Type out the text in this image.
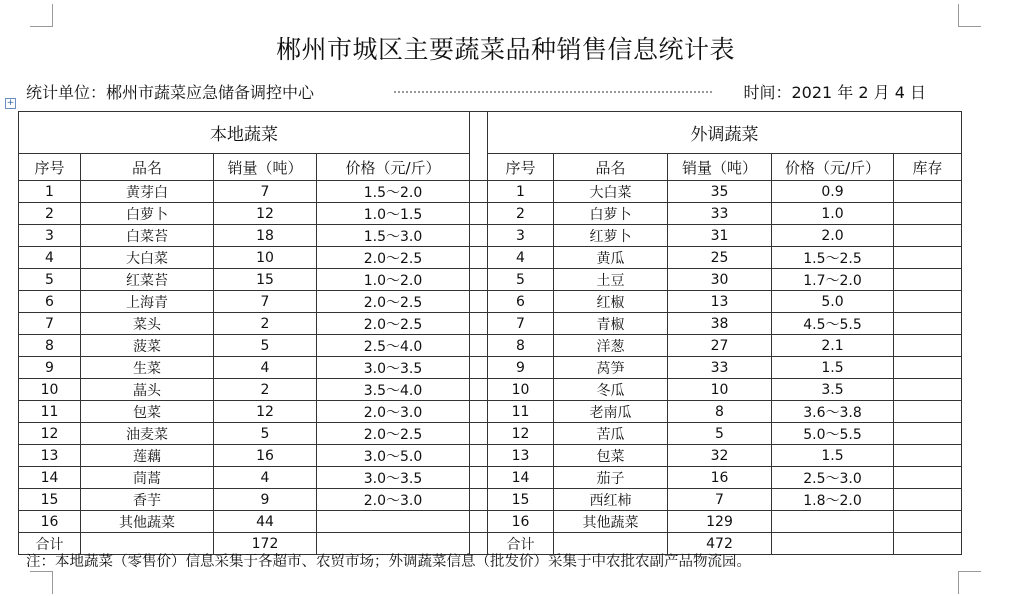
郴州市城区主要蔬菜品种销售信息统计表
统计单位：郴州市蔬菜应急储备调控中心	时间：2021 年 2 月 4 日
+
本地蔬菜					外调蔬菜				
序号	品名	销量（吨）	价格（元/斤）		序号	品名	销量（吨）	价格（元/斤）	库存
1	黄芽白	7	1.5～2.0		1	大白菜	35	0.9	
2	白萝卜	12	1.0～1.5		2	白萝卜	33	1.0	
3	白菜苔	18	1.5～3.0		3	红萝卜	31	2.0	
4	大白菜	10	2.0～2.5		4	黄瓜	25	1.5～2.5	
5	红菜苔	15	1.0～2.0		5	土豆	30	1.7～2.0	
6	上海青	7	2.0～2.5		6	红椒	13	5.0	
7	菜头	2	2.0～2.5		7	青椒	38	4.5～5.5	
8	菠菜	5	2.5～4.0		8	洋葱	27	2.1	
9	生菜	4	3.0～3.5		9	莴笋	33	1.5	
10	蕌头	2	3.5～4.0		10	冬瓜	10	3.5	
11	包菜	12	2.0～3.0		11	老南瓜	8	3.6～3.8	
12	油麦菜	5	2.0～2.5		12	苦瓜	5	5.0～5.5	
13	莲藕	16	3.0～5.0		13	包菜	32	1.5	
14	茼蒿	4	3.0～3.5		14	茄子	16	2.5～3.0	
15	香芋	9	2.0～3.0		15	西红柿	7	1.8～2.0	
16	其他蔬菜	44			16	其他蔬菜	129		
合计		172			合计		472		
注：本地蔬菜（零售价）信息采集于各超市、农贸市场；外调蔬菜信息（批发价）采集于中农批农副产品物流园。
